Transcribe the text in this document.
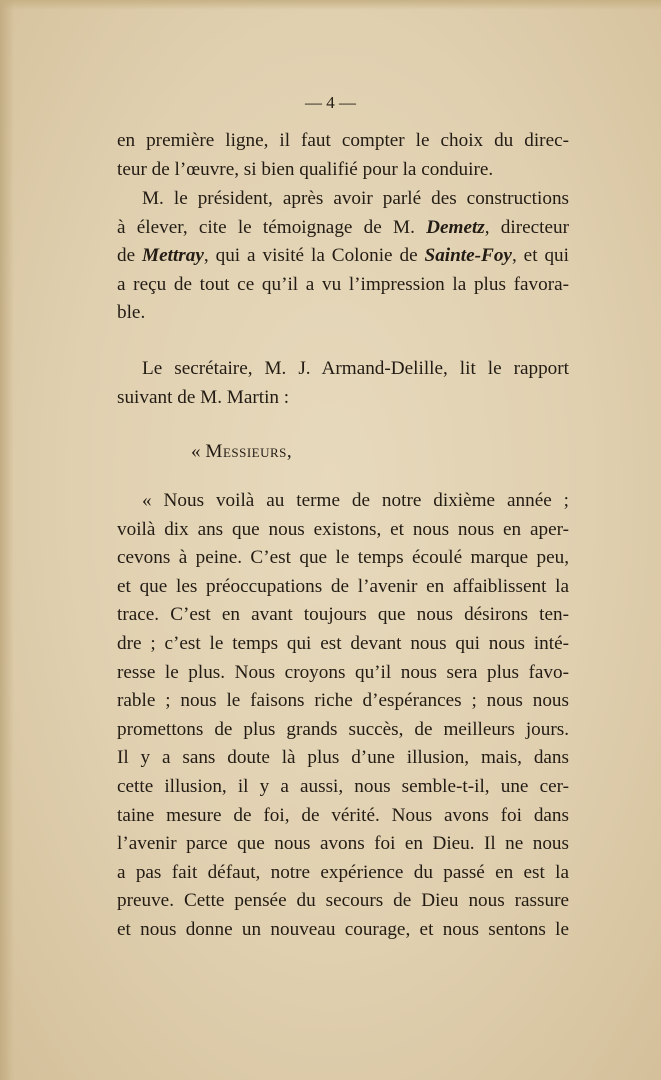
— 4 —
en première ligne, il faut compter le choix du direc-
teur de l’œuvre, si bien qualifié pour la conduire.
M. le président, après avoir parlé des constructions
à élever, cite le témoignage de M. Demetz, directeur
de Mettray, qui a visité la Colonie de Sainte-Foy, et qui
a reçu de tout ce qu’il a vu l’impression la plus favora-
ble.
Le secrétaire, M. J. Armand-Delille, lit le rapport
suivant de M. Martin :
« Messieurs,
« Nous voilà au terme de notre dixième année ;
voilà dix ans que nous existons, et nous nous en aper-
cevons à peine. C’est que le temps écoulé marque peu,
et que les préoccupations de l’avenir en affaiblissent la
trace. C’est en avant toujours que nous désirons ten-
dre ; c’est le temps qui est devant nous qui nous inté-
resse le plus. Nous croyons qu’il nous sera plus favo-
rable ; nous le faisons riche d’espérances ; nous nous
promettons de plus grands succès, de meilleurs jours.
Il y a sans doute là plus d’une illusion, mais, dans
cette illusion, il y a aussi, nous semble-t-il, une cer-
taine mesure de foi, de vérité. Nous avons foi dans
l’avenir parce que nous avons foi en Dieu. Il ne nous
a pas fait défaut, notre expérience du passé en est la
preuve. Cette pensée du secours de Dieu nous rassure
et nous donne un nouveau courage, et nous sentons le
